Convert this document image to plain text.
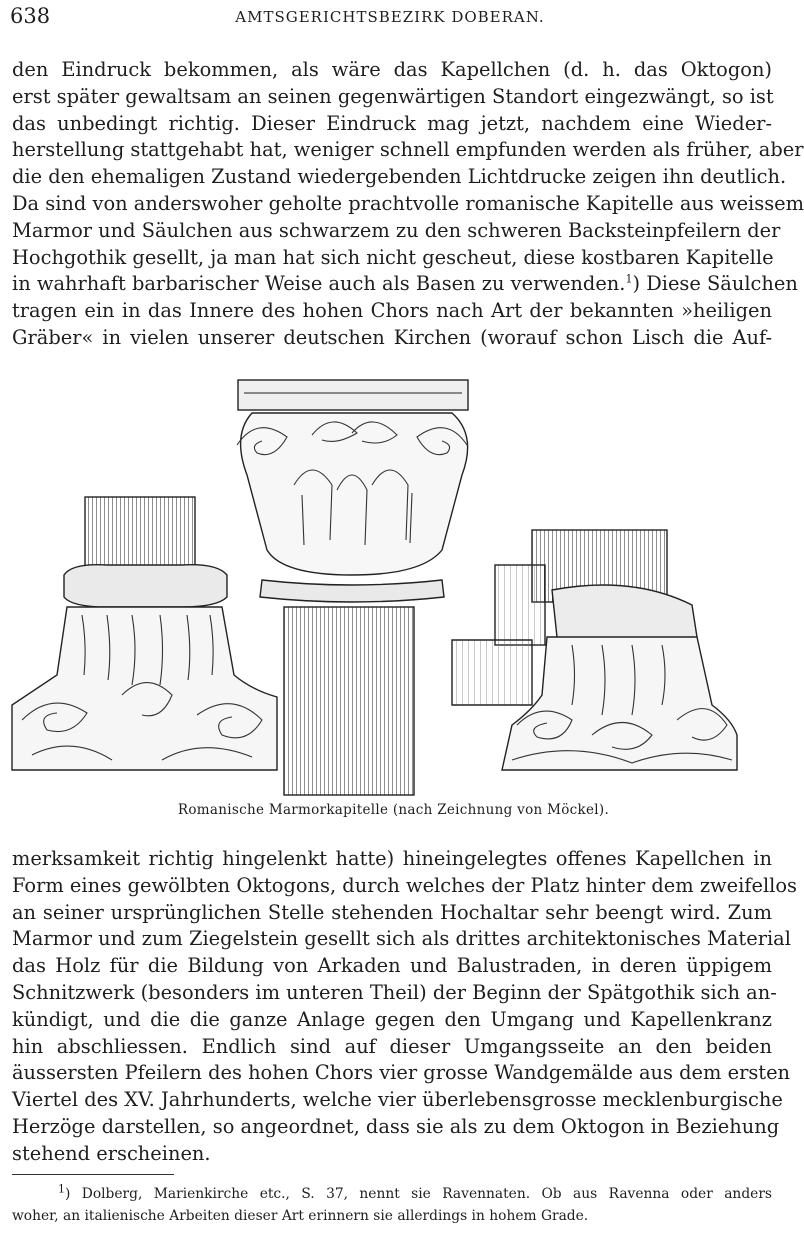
638	AMTSGERICHTSBEZIRK DOBERAN.
den Eindruck bekommen, als wäre das Kapellchen (d. h. das Oktogon)
erst später gewaltsam an seinen gegenwärtigen Standort eingezwängt, so ist
das unbedingt richtig. Dieser Eindruck mag jetzt, nachdem eine Wieder-
herstellung stattgehabt hat, weniger schnell empfunden werden als früher, aber
die den ehemaligen Zustand wiedergebenden Lichtdrucke zeigen ihn deutlich.
Da sind von anderswoher geholte prachtvolle romanische Kapitelle aus weissem
Marmor und Säulchen aus schwarzem zu den schweren Backsteinpfeilern der
Hochgothik gesellt, ja man hat sich nicht gescheut, diese kostbaren Kapitelle
in wahrhaft barbarischer Weise auch als Basen zu verwenden.$^1$) Diese Säulchen
tragen ein in das Innere des hohen Chors nach Art der bekannten »heiligen
Gräber« in vielen unserer deutschen Kirchen (worauf schon Lisch die Auf-
Romanische Marmorkapitelle (nach Zeichnung von Möckel).
merksamkeit richtig hingelenkt hatte) hineingelegtes offenes Kapellchen in
Form eines gewölbten Oktogons, durch welches der Platz hinter dem zweifellos
an seiner ursprünglichen Stelle stehenden Hochaltar sehr beengt wird. Zum
Marmor und zum Ziegelstein gesellt sich als drittes architektonisches Material
das Holz für die Bildung von Arkaden und Balustraden, in deren üppigem
Schnitzwerk (besonders im unteren Theil) der Beginn der Spätgothik sich an-
kündigt, und die die ganze Anlage gegen den Umgang und Kapellenkranz
hin abschliessen. Endlich sind auf dieser Umgangsseite an den beiden
äussersten Pfeilern des hohen Chors vier grosse Wandgemälde aus dem ersten
Viertel des XV. Jahrhunderts, welche vier überlebensgrosse mecklenburgische
Herzöge darstellen, so angeordnet, dass sie als zu dem Oktogon in Beziehung
stehend erscheinen.
$^1$) Dolberg, Marienkirche etc., S. 37, nennt sie Ravennaten. Ob aus Ravenna oder anders
woher, an italienische Arbeiten dieser Art erinnern sie allerdings in hohem Grade.
